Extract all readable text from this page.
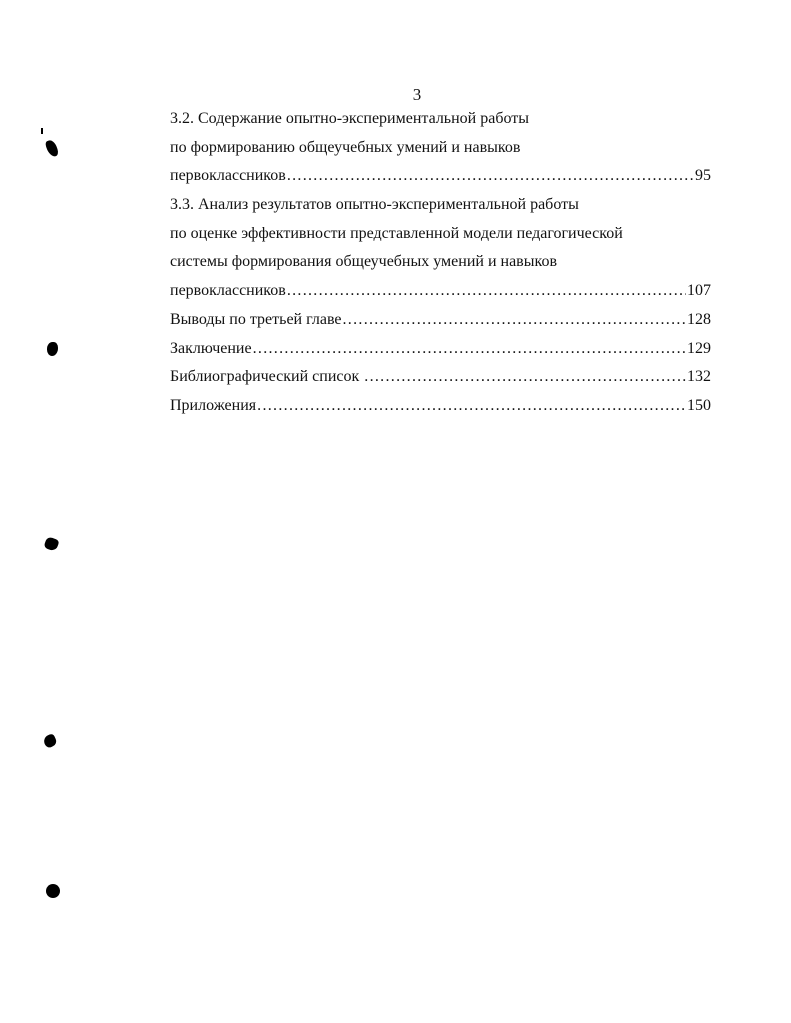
3
3.2. Содержание опытно-экспериментальной работы
по формированию общеучебных умений и навыков
первоклассников .....	95
3.3. Анализ результатов опытно-экспериментальной работы
по оценке эффективности представленной модели педагогической
системы формирования общеучебных умений и навыков
первоклассников .....	107
Выводы по третьей главе .....	128
Заключение .....	129
Библиографический список .....	132
Приложения .....	150
